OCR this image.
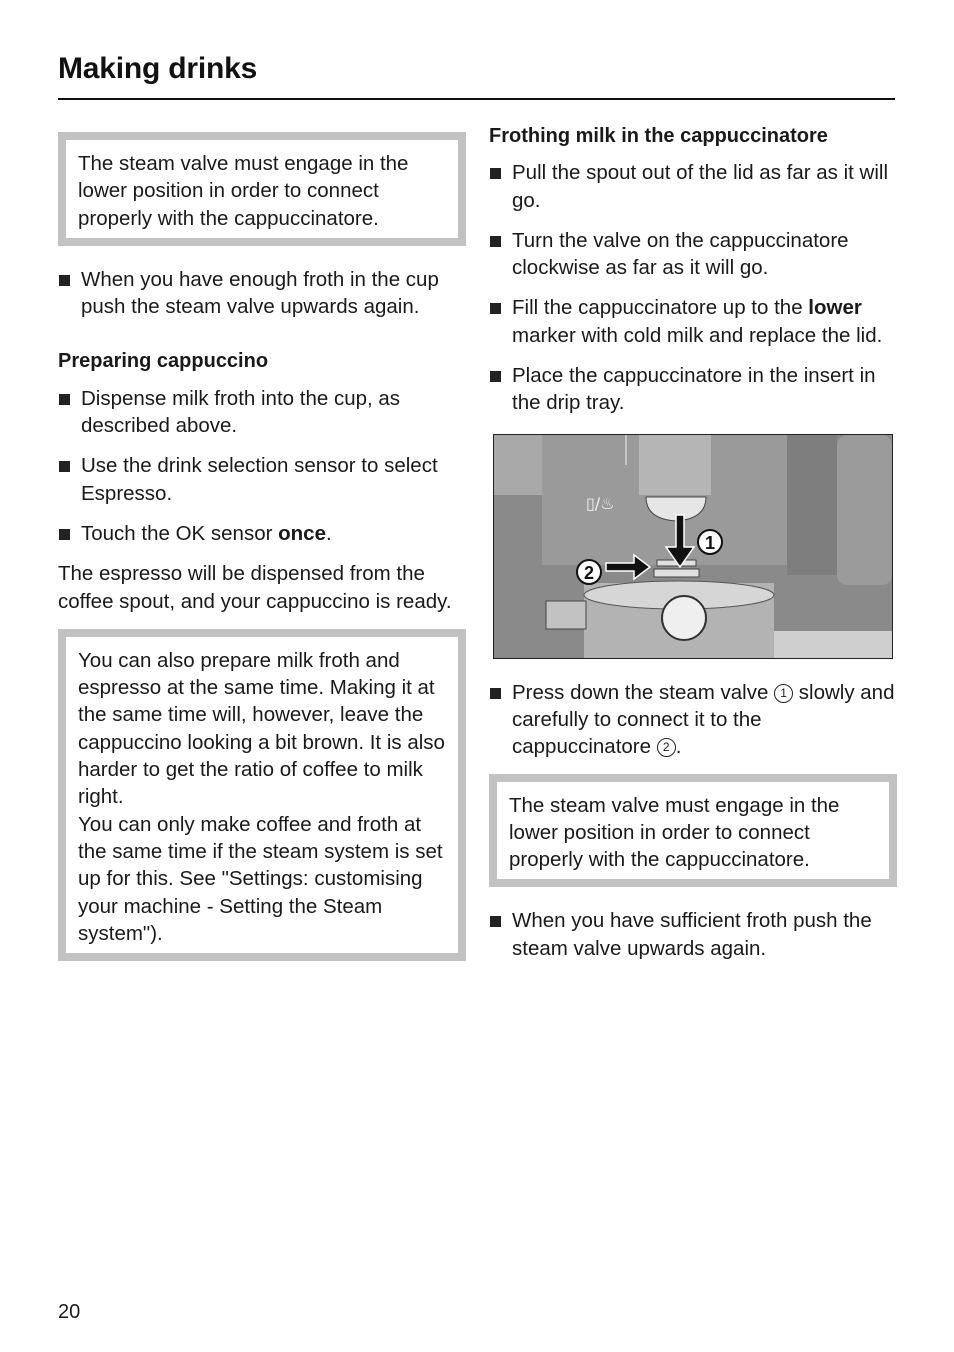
Making drinks

The steam valve must engage in the lower position in order to connect properly with the cappuccinatore.

When you have enough froth in the cup push the steam valve upwards again.
Preparing cappuccino
Dispense milk froth into the cup, as described above.
Use the drink selection sensor to select Espresso.
Touch the OK sensor once.

The espresso will be dispensed from the coffee spout, and your cappuccino is ready.

You can also prepare milk froth and espresso at the same time. Making it at the same time will, however, leave the cappuccino looking a bit brown. It is also harder to get the ratio of coffee to milk right.

You can only make coffee and froth at the same time if the steam system is set up for this. See "Settings: customising your machine - Setting the Steam system").

Frothing milk in the cappuccinatore
Pull the spout out of the lid as far as it will go.
Turn the valve on the cappuccinatore clockwise as far as it will go.
Fill the cappuccinatore up to the lower marker with cold milk and replace the lid.
Place the cappuccinatore in the insert in the drip tray.
▯/♨
1
2
Press down the steam valve 1 slowly and carefully to connect it to the cappuccinatore 2 .

The steam valve must engage in the lower position in order to connect properly with the cappuccinatore.

When you have sufficient froth push the steam valve upwards again.
20
